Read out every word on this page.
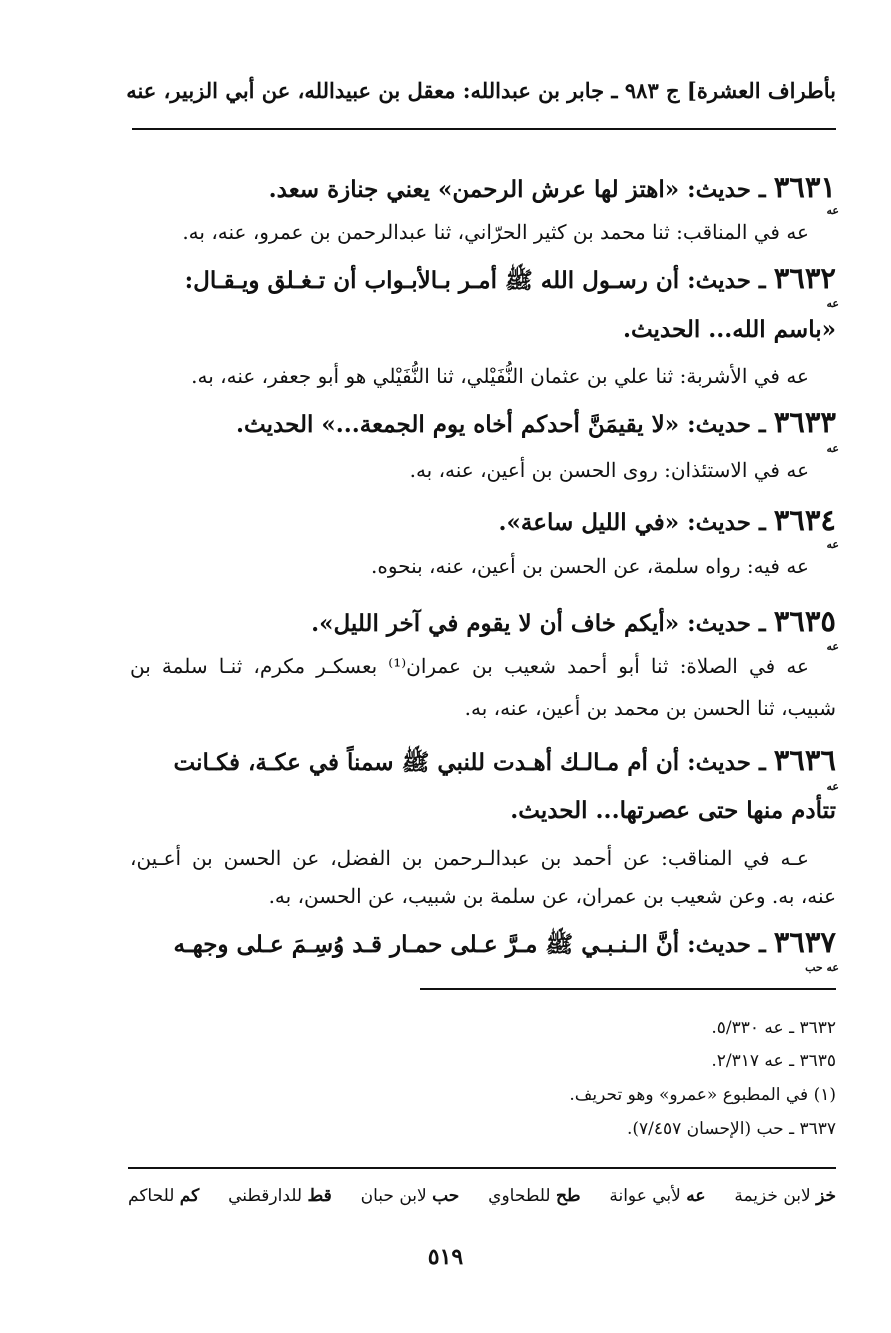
بأطراف العشرة] ج ٣
٩٨ ـ جابر بن عبدالله: معقل بن عبيدالله، عن أبي الزبير، عنه
٣٦٣١ ـ حديث: «اهتز لها عرش الرحمن» يعني جنازة سعد.
عه
عه في المناقب: ثنا محمد بن كثير الحرّاني، ثنا عبدالرحمن بن عمرو، عنه، به.
٣٦٣٢ ـ حديث: أن رسـول الله ﷺ أمـر بـالأبـواب أن تـغـلق ويـقـال:
عه
«باسم الله... الحديث.
عه في الأشربة: ثنا علي بن عثمان النُّفَيْلي، ثنا النُّفَيْلي هو أبو جعفر، عنه، به.
٣٦٣٣ ـ حديث: «لا يقيمَنَّ أحدكم أخاه يوم الجمعة...» الحديث.
عه
عه في الاستئذان: روى الحسن بن أعين، عنه، به.
٣٦٣٤ ـ حديث: «في الليل ساعة».
عه
عه فيه: رواه سلمة، عن الحسن بن أعين، عنه، بنحوه.
٣٦٣٥ ـ حديث: «أيكم خاف أن لا يقوم في آخر الليل».
عه
عه في الصلاة: ثنا أبو أحمد شعيب بن عمران⁽¹⁾ بعسكـر مكرم، ثنـا سلمة بن
شبيب، ثنا الحسن بن محمد بن أعين، عنه، به.
٣٦٣٦ ـ حديث: أن أم مـالـك أهـدت للنبي ﷺ سمناً في عكـة، فكـانت
عه
تتأدم منها حتى عصرتها... الحديث.
عـه في المناقب: عن أحمد بن عبدالـرحمن بن الفضل، عن الحسن بن أعـين،
عنه، به. وعن شعيب بن عمران، عن سلمة بن شبيب، عن الحسن، به.
٣٦٣٧ ـ حديث: أنَّ الـنـبـي ﷺ مـرَّ عـلى حمـار قـد وُسِـمَ عـلى وجهـه
عه حب
٣٦٣٢ ـ عه ٥/٣٣٠.
٣٦٣٥ ـ عه ٢/٣١٧.
(١) في المطبوع «عمرو» وهو تحريف.
٣٦٣٧ ـ حب (الإحسان ٧/٤٥٧).
خز لابن خزيمة
عه لأبي عوانة
طح للطحاوي
حب لابن حبان
قط للدارقطني
كم للحاكم
٥١٩
